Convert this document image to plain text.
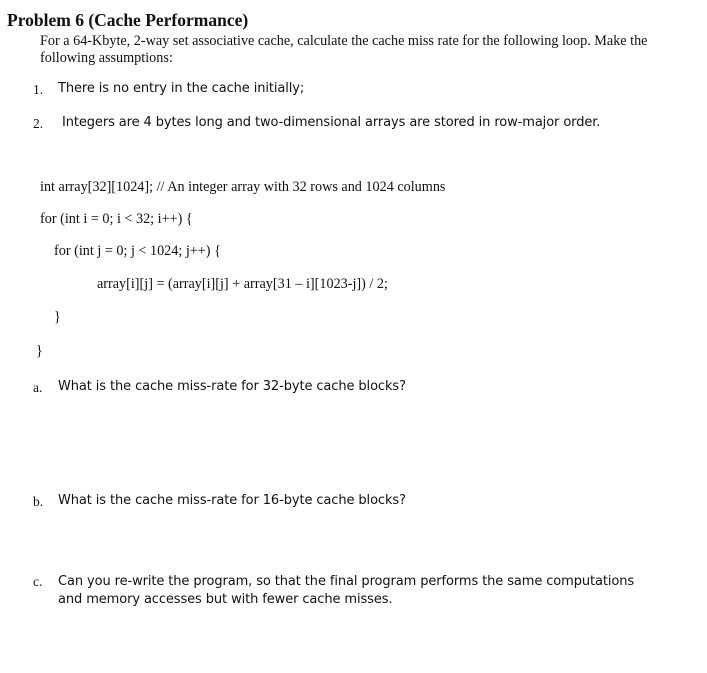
Problem 6 (Cache Performance)
For a 64-Kbyte, 2-way set associative cache, calculate the cache miss rate for the following loop. Make the following assumptions:
1. There is no entry in the cache initially;
2. Integers are 4 bytes long and two-dimensional arrays are stored in row-major order.
int array[32][1024]; // An integer array with 32 rows and 1024 columns
for (int i = 0; i < 32; i++) {
for (int j = 0; j < 1024; j++) {
array[i][j] = (array[i][j] + array[31 – i][1023-j]) / 2;
}
}
a. What is the cache miss-rate for 32-byte cache blocks?
b. What is the cache miss-rate for 16-byte cache blocks?
c. Can you re-write the program, so that the final program performs the same computations and memory accesses but with fewer cache misses.
